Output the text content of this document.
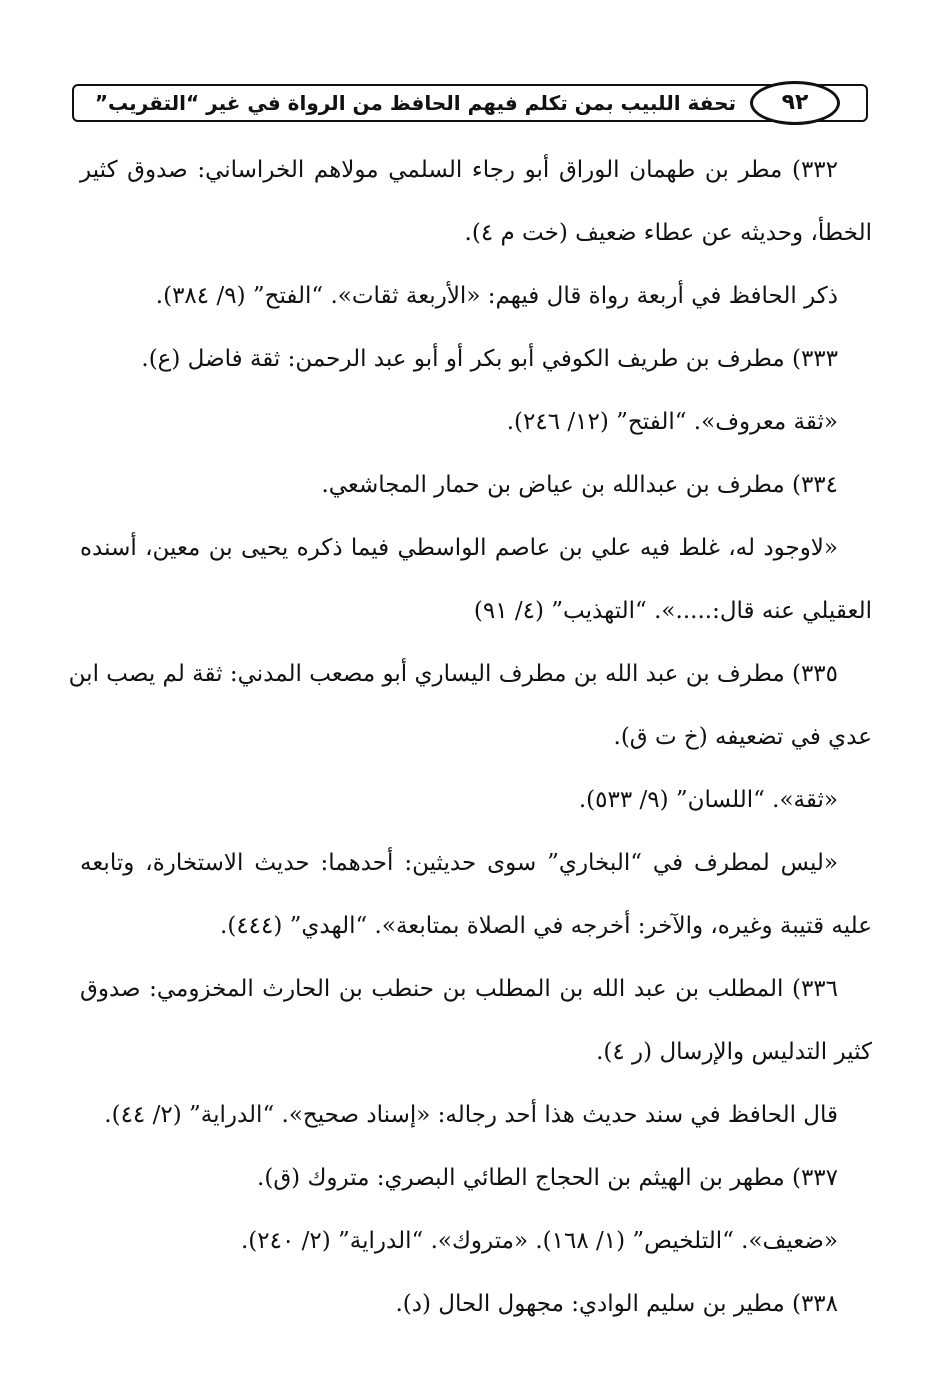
٩٢
تحفة اللبيب بمن تكلم فيهم الحافظ من الرواة في غير “التقريب”
٣٣٢) مطر بن طهمان الوراق أبو رجاء السلمي مولاهم الخراساني: صدوق كثير
الخطأ، وحديثه عن عطاء ضعيف (خت م ٤).
ذكر الحافظ في أربعة رواة قال فيهم: «الأربعة ثقات». “الفتح” (٩/ ٣٨٤).
٣٣٣) مطرف بن طريف الكوفي أبو بكر أو أبو عبد الرحمن: ثقة فاضل (ع).
«ثقة معروف». “الفتح” (١٢/ ٢٤٦).
٣٣٤) مطرف بن عبدالله بن عياض بن حمار المجاشعي.
«لاوجود له، غلط فيه علي بن عاصم الواسطي فيما ذكره يحيى بن معين، أسنده
العقيلي عنه قال:.....». “التهذيب” (٤/ ٩١)
٣٣٥) مطرف بن عبد الله بن مطرف اليساري أبو مصعب المدني: ثقة لم يصب ابن
عدي في تضعيفه (خ ت ق).
«ثقة». “اللسان” (٩/ ٥٣٣).
«ليس لمطرف في “البخاري” سوى حديثين: أحدهما: حديث الاستخارة، وتابعه
عليه قتيبة وغيره، والآخر: أخرجه في الصلاة بمتابعة». “الهدي” (٤٤٤).
٣٣٦) المطلب بن عبد الله بن المطلب بن حنطب بن الحارث المخزومي: صدوق
كثير التدليس والإرسال (ر ٤).
قال الحافظ في سند حديث هذا أحد رجاله: «إسناد صحيح». “الدراية” (٢/ ٤٤).
٣٣٧) مطهر بن الهيثم بن الحجاج الطائي البصري: متروك (ق).
«ضعيف». “التلخيص” (١/ ١٦٨). «متروك». “الدراية” (٢/ ٢٤٠).
٣٣٨) مطير بن سليم الوادي: مجهول الحال (د).
